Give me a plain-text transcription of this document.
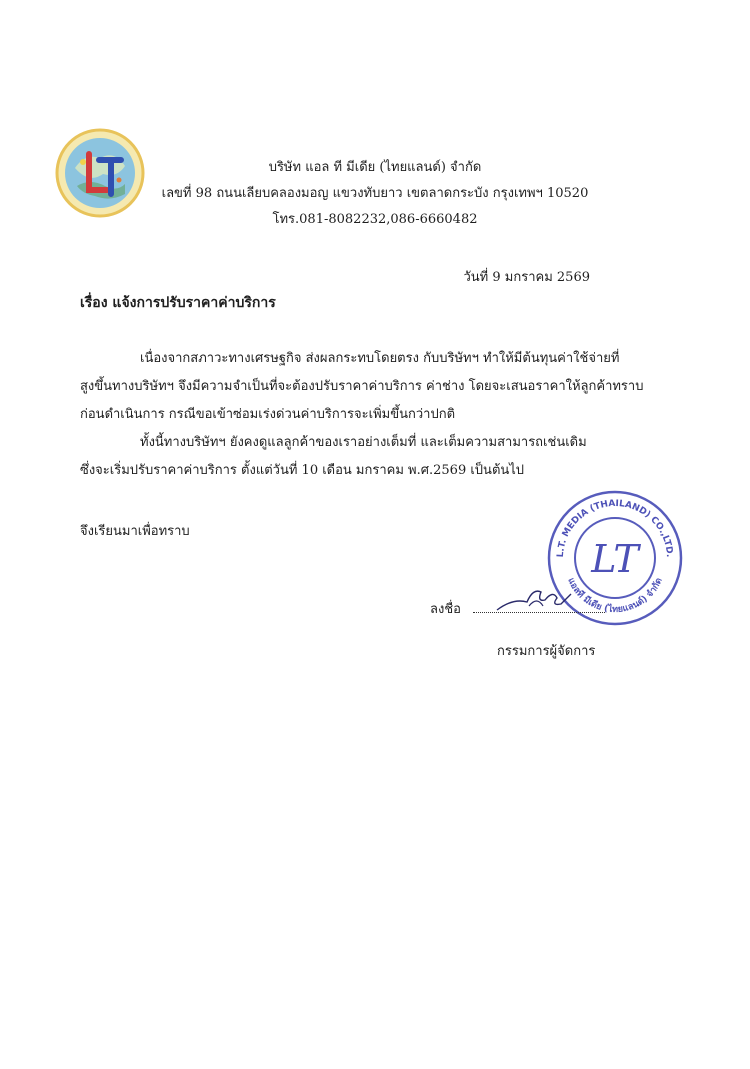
บริษัท แอล ที มีเดีย (ไทยแลนด์) จำกัด
เลขที่ 98 ถนนเลียบคลองมอญ แขวงทับยาว เขตลาดกระบัง กรุงเทพฯ 10520
โทร.081-8082232,086-6660482
วันที่ 9 มกราคม 2569
เรื่อง แจ้งการปรับราคาค่าบริการ
เนื่องจากสภาวะทางเศรษฐกิจ ส่งผลกระทบโดยตรง กับบริษัทฯ ทำให้มีต้นทุนค่าใช้จ่ายที่
สูงขึ้นทางบริษัทฯ จึงมีความจำเป็นที่จะต้องปรับราคาค่าบริการ ค่าช่าง โดยจะเสนอราคาให้ลูกค้าทราบ
ก่อนดำเนินการ กรณีขอเข้าซ่อมเร่งด่วนค่าบริการจะเพิ่มขึ้นกว่าปกติ
ทั้งนี้ทางบริษัทฯ ยังคงดูแลลูกค้าของเราอย่างเต็มที่ และเต็มความสามารถเช่นเดิม
ซึ่งจะเริ่มปรับราคาค่าบริการ ตั้งแต่วันที่ 10 เดือน มกราคม พ.ศ.2569 เป็นต้นไป
จึงเรียนมาเพื่อทราบ
L.T. MEDIA (THAILAND) CO.,LTD.
แอลที มีเดีย (ไทยแลนด์) จำกัด
LT
ลงชื่อ
กรรมการผู้จัดการ
